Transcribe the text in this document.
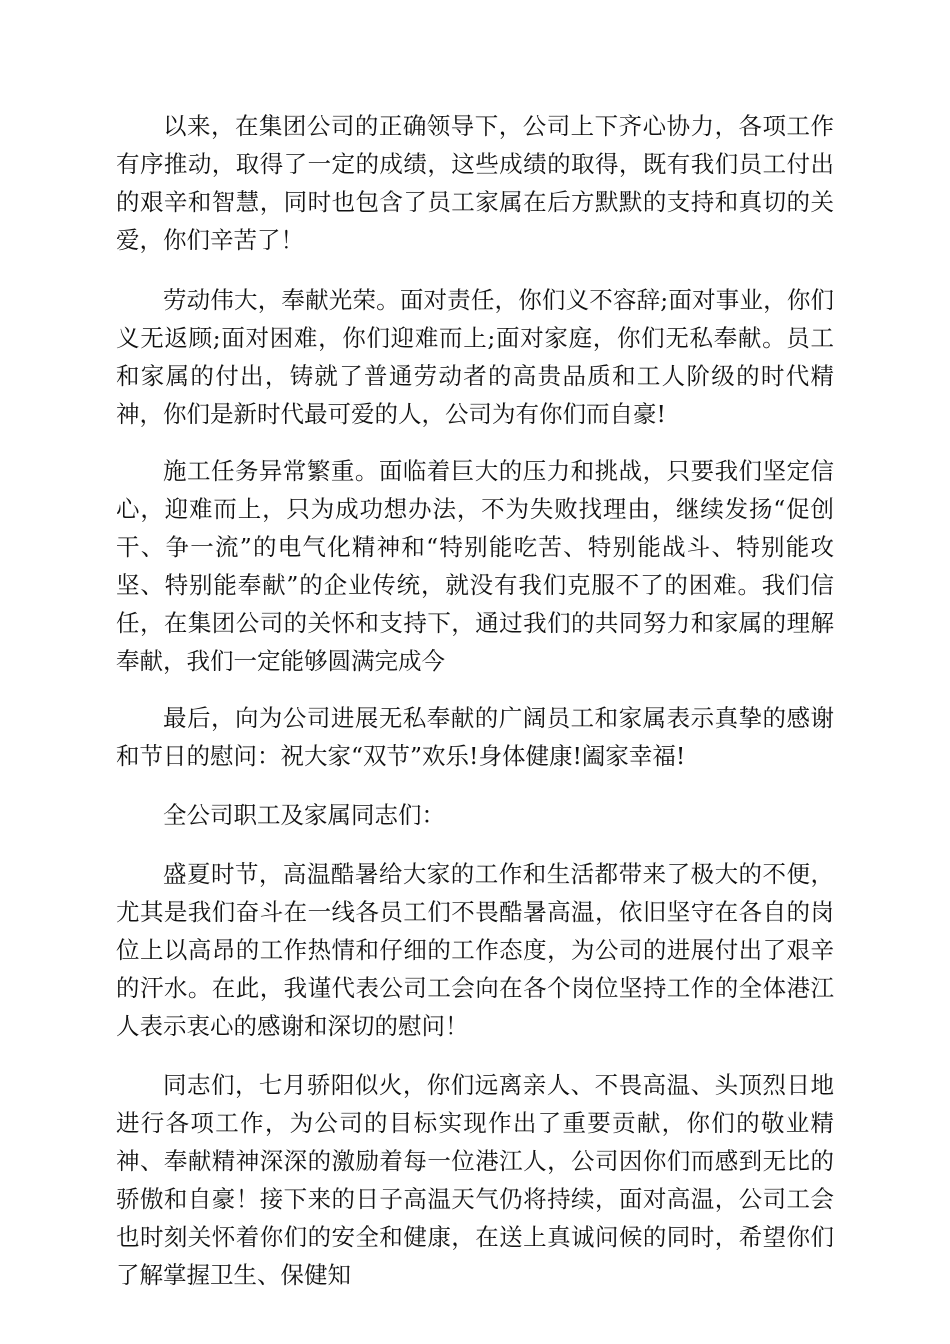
以来，在集团公司的正确领导下，公司上下齐心协力，各项工作有序推动，取得了一定的成绩，这些成绩的取得，既有我们员工付出的艰辛和智慧，同时也包含了员工家属在后方默默的支持和真切的关爱，你们辛苦了！

劳动伟大，奉献光荣。面对责任，你们义不容辞;面对事业，你们义无返顾;面对困难，你们迎难而上;面对家庭，你们无私奉献。员工和家属的付出，铸就了普通劳动者的高贵品质和工人阶级的时代精神，你们是新时代最可爱的人，公司为有你们而自豪!

施工任务异常繁重。面临着巨大的压力和挑战，只要我们坚定信心，迎难而上，只为成功想办法，不为失败找理由，继续发扬“促创干、争一流”的电气化精神和“特别能吃苦、特别能战斗、特别能攻坚、特别能奉献”的企业传统，就没有我们克服不了的困难。我们信任，在集团公司的关怀和支持下，通过我们的共同努力和家属的理解奉献，我们一定能够圆满完成今

最后，向为公司进展无私奉献的广阔员工和家属表示真挚的感谢和节日的慰问：祝大家“双节”欢乐!身体健康!阖家幸福!

全公司职工及家属同志们：

盛夏时节，高温酷暑给大家的工作和生活都带来了极大的不便，尤其是我们奋斗在一线各员工们不畏酷暑高温，依旧坚守在各自的岗位上以高昂的工作热情和仔细的工作态度，为公司的进展付出了艰辛的汗水。在此，我谨代表公司工会向在各个岗位坚持工作的全体港江人表示衷心的感谢和深切的慰问！

同志们，七月骄阳似火，你们远离亲人、不畏高温、头顶烈日地进行各项工作，为公司的目标实现作出了重要贡献，你们的敬业精神、奉献精神深深的激励着每一位港江人，公司因你们而感到无比的骄傲和自豪！接下来的日子高温天气仍将持续，面对高温，公司工会也时刻关怀着你们的安全和健康，在送上真诚问候的同时，希望你们了解掌握卫生、保健知
